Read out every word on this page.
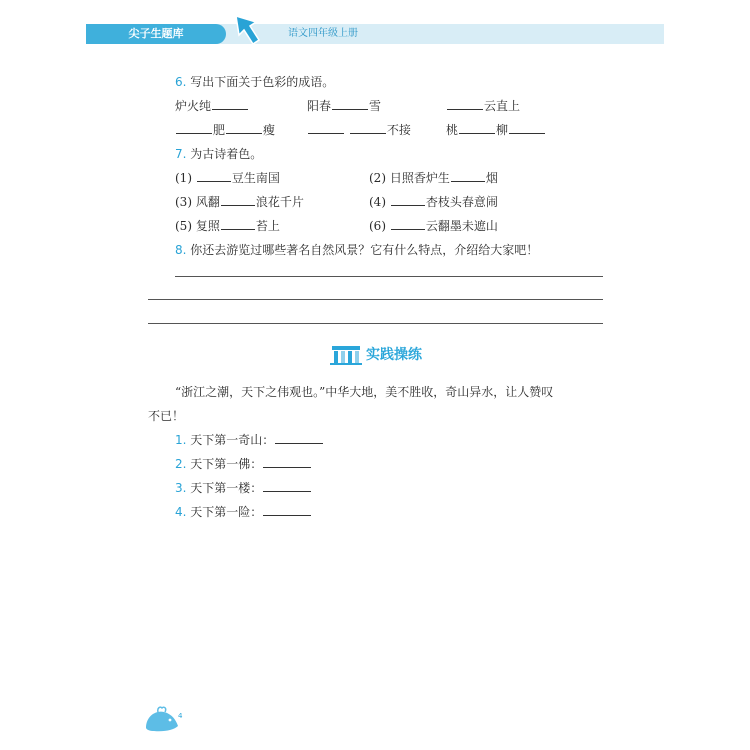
尖子生题库	语文四年级上册
6. 写出下面关于色彩的成语。
炉火纯	阳春	雪	云直上
肥	瘦	不接	桃	柳
7. 为古诗着色。
(1)	豆生南国	(2) 日照香炉生	烟
(3) 风翻	浪花千片	(4)	杏枝头春意闹
(5) 复照	苔上	(6)	云翻墨未遮山
8. 你还去游览过哪些著名自然风景？它有什么特点，介绍给大家吧！
实践操练
“浙江之潮，天下之伟观也。”中华大地，美不胜收，奇山异水，让人赞叹
不已！
1. 天下第一奇山：
2. 天下第一佛：
3. 天下第一楼：
4. 天下第一险：
4
